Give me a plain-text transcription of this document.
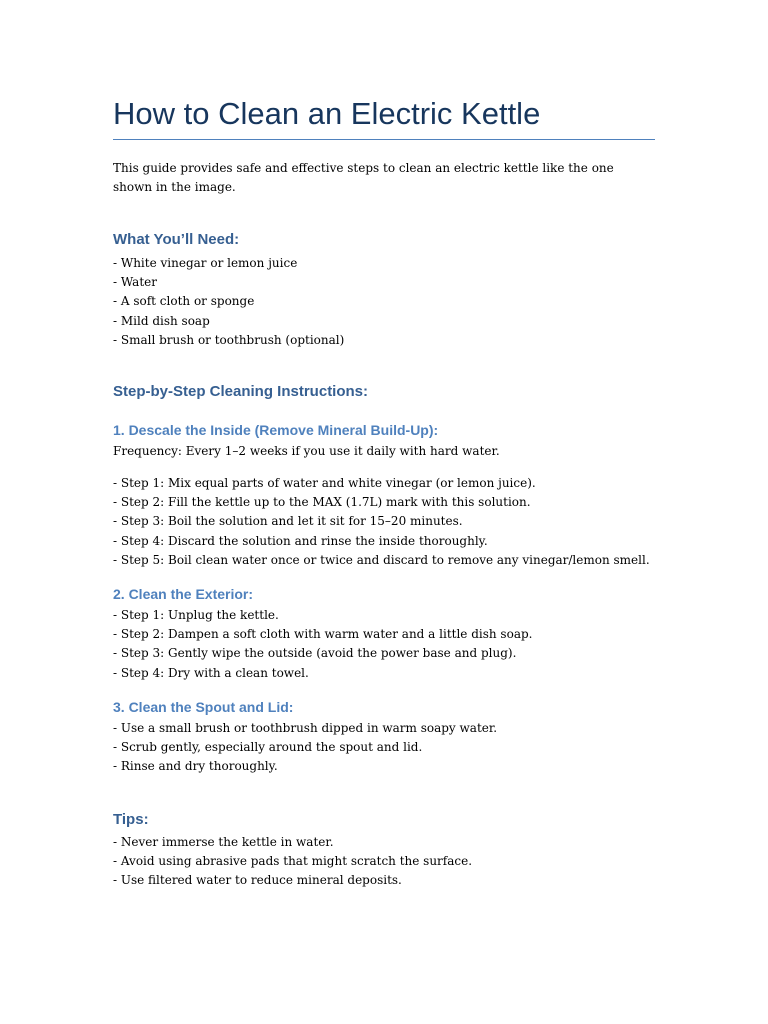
How to Clean an Electric Kettle

This guide provides safe and effective steps to clean an electric kettle like the one shown in the image.

What You’ll Need:
- White vinegar or lemon juice
- Water
- A soft cloth or sponge
- Mild dish soap
- Small brush or toothbrush (optional)
Step-by-Step Cleaning Instructions:
1. Descale the Inside (Remove Mineral Build-Up):

Frequency: Every 1–2 weeks if you use it daily with hard water.

- Step 1: Mix equal parts of water and white vinegar (or lemon juice).
- Step 2: Fill the kettle up to the MAX (1.7L) mark with this solution.
- Step 3: Boil the solution and let it sit for 15–20 minutes.
- Step 4: Discard the solution and rinse the inside thoroughly.
- Step 5: Boil clean water once or twice and discard to remove any vinegar/lemon smell.
2. Clean the Exterior:
- Step 1: Unplug the kettle.
- Step 2: Dampen a soft cloth with warm water and a little dish soap.
- Step 3: Gently wipe the outside (avoid the power base and plug).
- Step 4: Dry with a clean towel.
3. Clean the Spout and Lid:
- Use a small brush or toothbrush dipped in warm soapy water.
- Scrub gently, especially around the spout and lid.
- Rinse and dry thoroughly.
Tips:
- Never immerse the kettle in water.
- Avoid using abrasive pads that might scratch the surface.
- Use filtered water to reduce mineral deposits.
